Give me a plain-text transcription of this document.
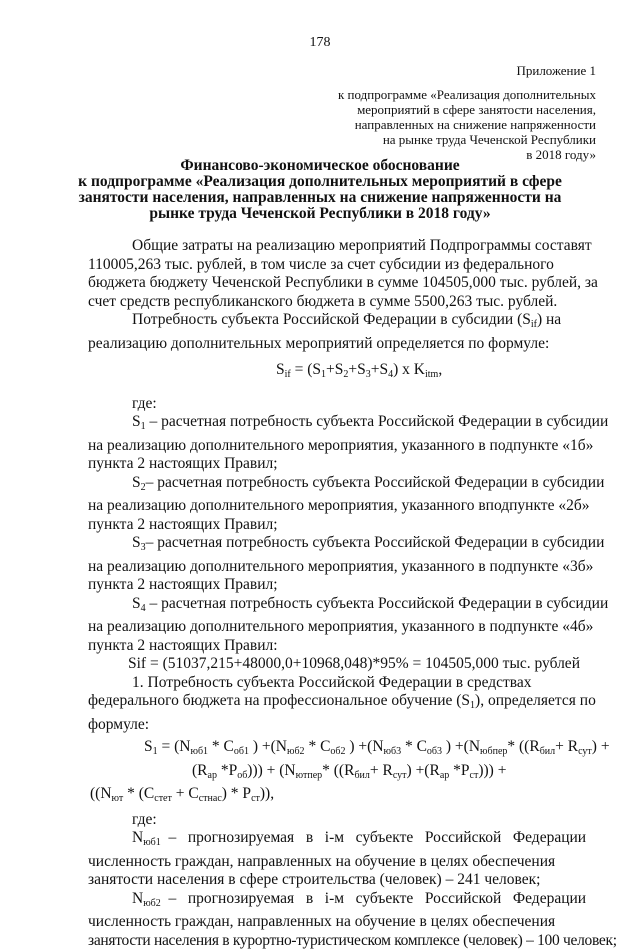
178
Приложение 1
к подпрограмме «Реализация дополнительных
мероприятий в сфере занятости населения,
направленных на снижение напряженности
на рынке труда Чеченской Республики
в 2018 году»
Финансово-экономическое обоснование
к подпрограмме «Реализация дополнительных мероприятий в сфере
занятости населения, направленных на снижение напряженности на
рынке труда Чеченской Республики в 2018 году»
Общие затраты на реализацию мероприятий Подпрограммы составят
110005,263 тыс. рублей, в том числе за счет субсидии из федерального
бюджета бюджету Чеченской Республики в сумме 104505,000 тыс. рублей, за
счет средств республиканского бюджета в сумме 5500,263 тыс. рублей.
Потребность субъекта Российской Федерации в субсидии $(S_{if})$ на
реализацию дополнительных мероприятий определяется по формуле:
$S_{if} = (S_1+S_2+S_3+S_4)$ x $K_{itm}$,
где:
$S_1$ – расчетная потребность субъекта Российской Федерации в субсидии
на реализацию дополнительного мероприятия, указанного в подпункте «1б»
пункта 2 настоящих Правил;
$S_2-$ расчетная потребность субъекта Российской Федерации в субсидии
на реализацию дополнительного мероприятия, указанного вподпункте «2б»
пункта 2 настоящих Правил;
$S_3-$ расчетная потребность субъекта Российской Федерации в субсидии
на реализацию дополнительного мероприятия, указанного в подпункте «3б»
пункта 2 настоящих Правил;
$S_4$ – расчетная потребность субъекта Российской Федерации в субсидии
на реализацию дополнительного мероприятия, указанного в подпункте «4б»
пункта 2 настоящих Правил:
Sif = (51037,215+48000,0+10968,048)*95% = 104505,000 тыс. рублей
1. Потребность субъекта Российской Федерации в средствах
федерального бюджета на профессиональное обучение $(S_1)$, определяется по
формуле:
$S_1 = (N_{юб1} * C_{об1}$ ) $+(N_{юб2} * C_{об2}$ ) $+(N_{юб3} * C_{об3}$ ) $+(N_{юбпер}*$ ($(R_{бил}+ R_{сут})$ +
($R_{ар}$ $*P_{об}))) + (N_{ютпер}*$ ($(R_{бил}+ R_{сут}) +(R_{ар}$ $*P_{ст}$))) +
$((N_{ют} * (C_{стет} + C_{стнас}) * P_{ст}))$,
где:
$N_{юб1}$  –   прогнозируемая   в   i-м   субъекте   Российской   Федерации
численность граждан, направленных на обучение в целях обеспечения
занятости населения в сфере строительства (человек) – 241 человек;
$N_{юб2}$  –   прогнозируемая   в   i-м   субъекте   Российской   Федерации
численность граждан, направленных на обучение в целях обеспечения
занятости населения в курортно-туристическом комплексе (человек) – 100 человек;
